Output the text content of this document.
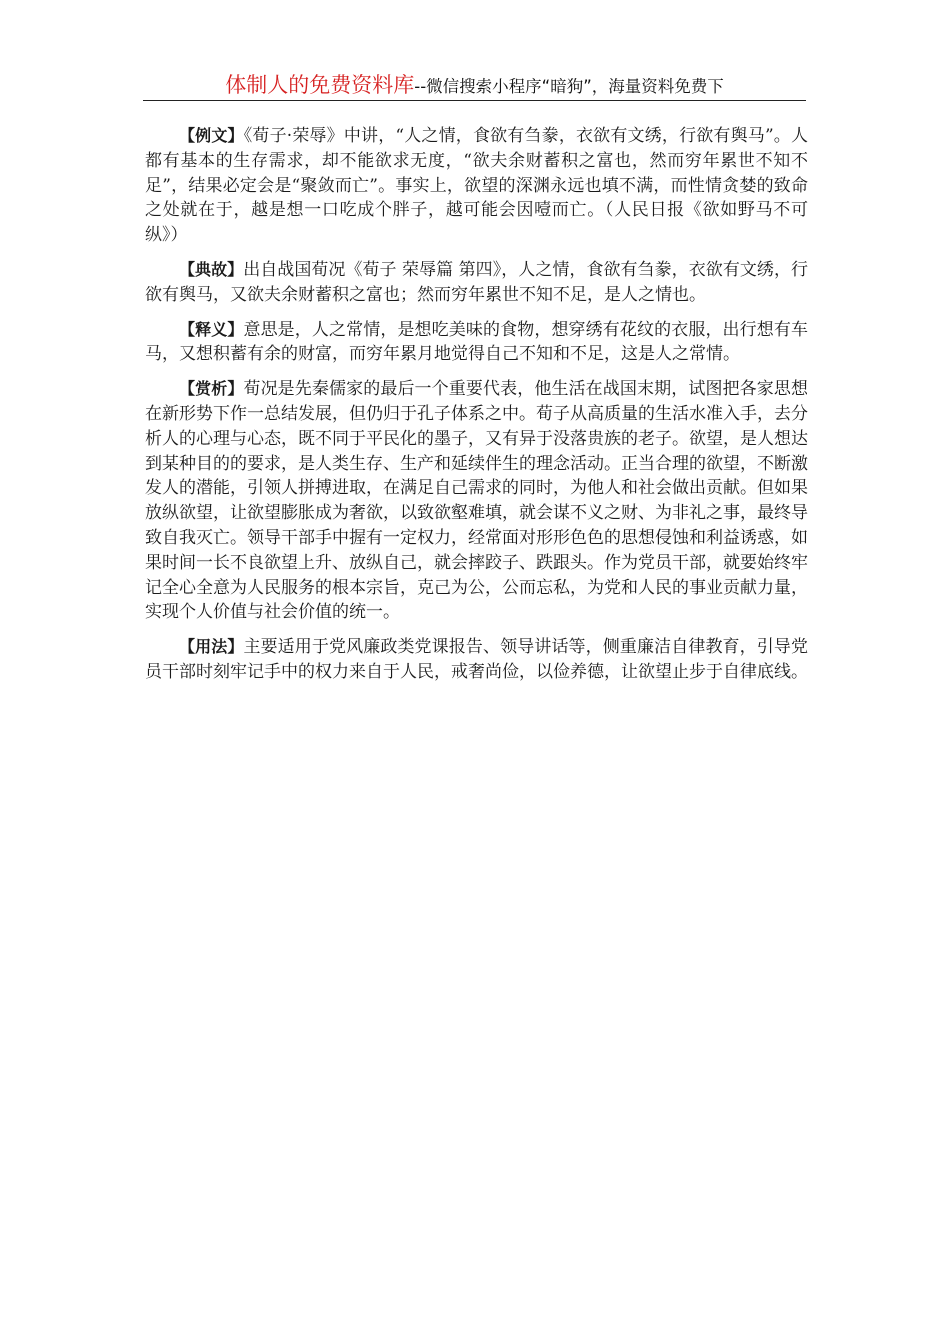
体制人的免费资料库--微信搜索小程序“暗狗”，海量资料免费下

【例文】《荀子·荣辱》中讲，“人之情，食欲有刍豢，衣欲有文绣，行欲有舆马”。人都有基本的生存需求，却不能欲求无度，“欲夫余财蓄积之富也，然而穷年累世不知不足”，结果必定会是“聚敛而亡”。事实上，欲望的深渊永远也填不满，而性情贪婪的致命之处就在于，越是想一口吃成个胖子，越可能会因噎而亡。（人民日报《欲如野马不可纵》）

【典故】出自战国荀况《荀子 荣辱篇 第四》，人之情，食欲有刍豢，衣欲有文绣，行欲有舆马，又欲夫余财蓄积之富也；然而穷年累世不知不足，是人之情也。

【释义】意思是，人之常情，是想吃美味的食物，想穿绣有花纹的衣服，出行想有车马，又想积蓄有余的财富，而穷年累月地觉得自己不知和不足，这是人之常情。

【赏析】荀况是先秦儒家的最后一个重要代表，他生活在战国末期，试图把各家思想在新形势下作一总结发展，但仍归于孔子体系之中。荀子从高质量的生活水准入手，去分析人的心理与心态，既不同于平民化的墨子，又有异于没落贵族的老子。欲望，是人想达到某种目的的要求，是人类生存、生产和延续伴生的理念活动。正当合理的欲望，不断激发人的潜能，引领人拼搏进取，在满足自己需求的同时，为他人和社会做出贡献。但如果放纵欲望，让欲望膨胀成为奢欲，以致欲壑难填，就会谋不义之财、为非礼之事，最终导致自我灭亡。领导干部手中握有一定权力，经常面对形形色色的思想侵蚀和利益诱惑，如果时间一长不良欲望上升、放纵自己，就会摔跤子、跌跟头。作为党员干部，就要始终牢记全心全意为人民服务的根本宗旨，克己为公，公而忘私，为党和人民的事业贡献力量，实现个人价值与社会价值的统一。

【用法】主要适用于党风廉政类党课报告、领导讲话等，侧重廉洁自律教育，引导党员干部时刻牢记手中的权力来自于人民，戒奢尚俭，以俭养德，让欲望止步于自律底线。
